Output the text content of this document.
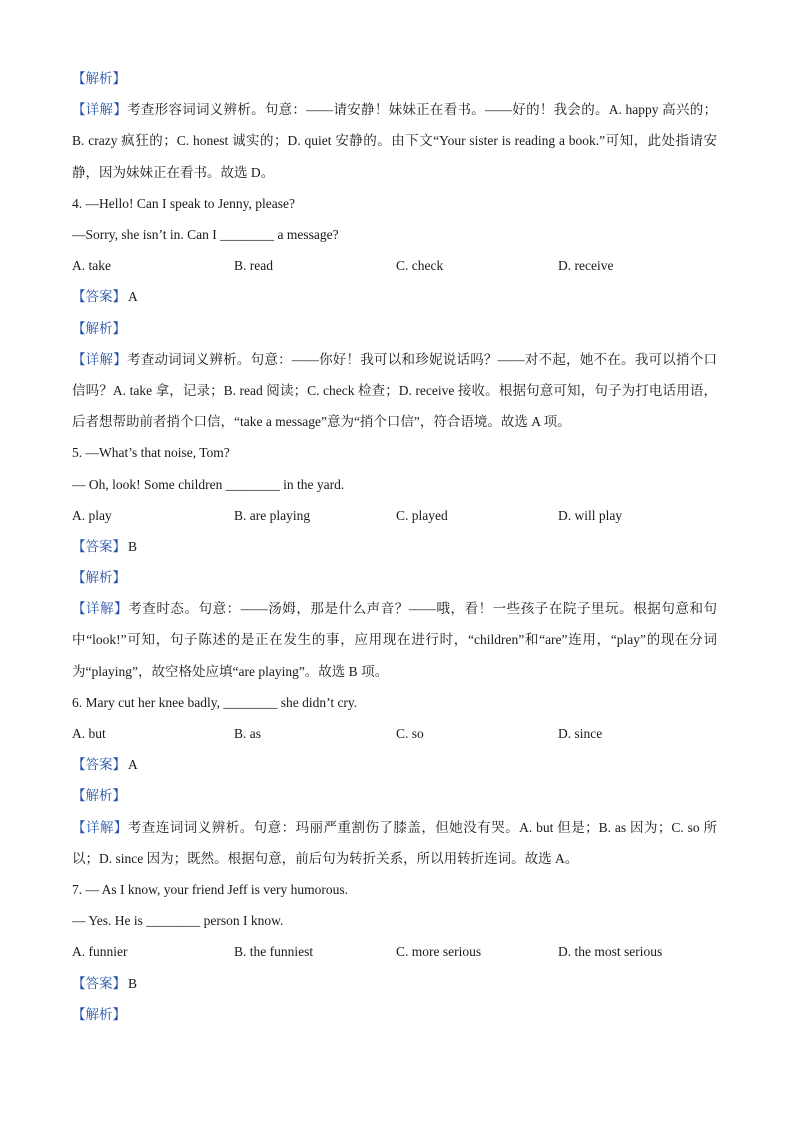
【解析】
【详解】考查形容词词义辨析。句意：——请安静！妹妹正在看书。——好的！我会的。A. happy 高兴的；B. crazy 疯狂的；C. honest 诚实的；D. quiet 安静的。由下文“Your sister is reading a book.”可知，此处指请安静，因为妹妹正在看书。故选 D。
4. —Hello! Can I speak to Jenny, please?
—Sorry, she isn’t in. Can I ________ a message?
A. take	B. read	C. check	D. receive
【答案】 A
【解析】
【详解】考查动词词义辨析。句意：——你好！我可以和珍妮说话吗？——对不起，她不在。我可以捎个口信吗？A. take 拿，记录；B. read 阅读；C. check 检查；D. receive 接收。根据句意可知，句子为打电话用语，后者想帮助前者捎个口信，“take a message”意为“捎个口信”，符合语境。故选 A 项。
5. —What’s that noise, Tom?
— Oh, look! Some children ________ in the yard.
A. play	B. are playing	C. played	D. will play
【答案】 B
【解析】
【详解】考查时态。句意：——汤姆，那是什么声音？——哦，看！一些孩子在院子里玩。根据句意和句中“look!”可知，句子陈述的是正在发生的事，应用现在进行时，“children”和“are”连用，“play”的现在分词为“playing”，故空格处应填“are playing”。故选 B 项。
6. Mary cut her knee badly, ________ she didn’t cry.
A. but	B. as	C. so	D. since
【答案】 A
【解析】
【详解】考查连词词义辨析。句意：玛丽严重割伤了膝盖，但她没有哭。A. but 但是；B. as 因为；C. so 所以；D. since 因为；既然。根据句意，前后句为转折关系，所以用转折连词。故选 A。
7. — As I know, your friend Jeff is very humorous.
— Yes. He is ________ person I know.
A. funnier	B. the funniest	C. more serious	D. the most serious
【答案】 B
【解析】
